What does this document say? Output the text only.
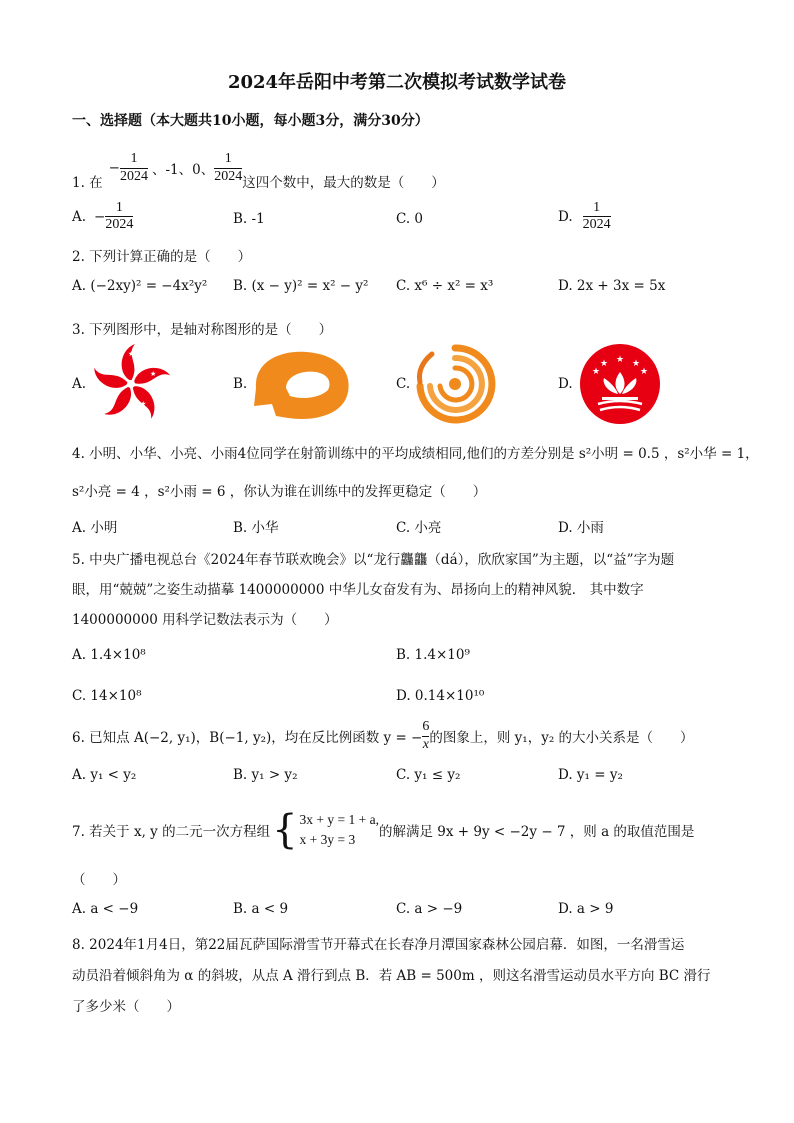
2024年岳阳中考第二次模拟考试数学试卷
一、选择题（本大题共10小题，每小题3分，满分30分）
1. 在
− $\frac{1}{2024}$ 、-1、0、 $\frac{1}{2024}$ 这四个数中，最大的数是（　　）
A. − $\frac{1}{2024}$	B. -1	C. 0	D. $\frac{1}{2024}$
2. 下列计算正确的是（　　）
A. (−2xy)² = −4x²y² B. (x − y)² = x² − y² C. x⁶ ÷ x² = x³	D. 2x + 3x = 5x
3. 下列图形中，是轴对称图形的是（　　）
A.	B.	C.	D.
★
★
★
★
★
★
★	★
★	★
4. 小明、小华、小亮、小雨4位同学在射箭训练中的平均成绩相同,他们的方差分别是 s²小明 = 0.5 ，s²小华 = 1，
s²小亮 = 4 ，s²小雨 = 6 ，你认为谁在训练中的发挥更稳定（　　）
A. 小明	B. 小华	C. 小亮	D. 小雨
5. 中央广播电视总台《2024年春节联欢晚会》以“龙行龘龘（dá），欣欣家国”为主题，以“益”字为题
眼，用“兢兢”之姿生动描摹 1400000000 中华儿女奋发有为、昂扬向上的精神风貌． 其中数字
1400000000 用科学记数法表示为（　　）
A. 1.4×10⁸	B. 1.4×10⁹
C. 14×10⁸	D. 0.14×10¹⁰
6. 已知点 A(−2, y₁)，B(−1, y₂)，均在反比例函数 y = − $\frac{6}{x}$ 的图象上，则 y₁，y₂ 的大小关系是（　　）
A. y₁ < y₂	B. y₁ > y₂	C. y₁ ≤ y₂	D. y₁ = y₂
7. 若关于 x, y 的二元一次方程组 { 3x + y = 1 + a,
x + 3y = 3	的解满足 9x + 9y < −2y − 7 ，则 a 的取值范围是
（　　）
A. a < −9	B. a < 9	C. a > −9	D. a > 9
8. 2024年1月4日，第22届瓦萨国际滑雪节开幕式在长春净月潭国家森林公园启幕．如图，一名滑雪运
动员沿着倾斜角为 α 的斜坡，从点 A 滑行到点 B．若 AB = 500m ，则这名滑雪运动员水平方向 BC 滑行
了多少米（　　）
